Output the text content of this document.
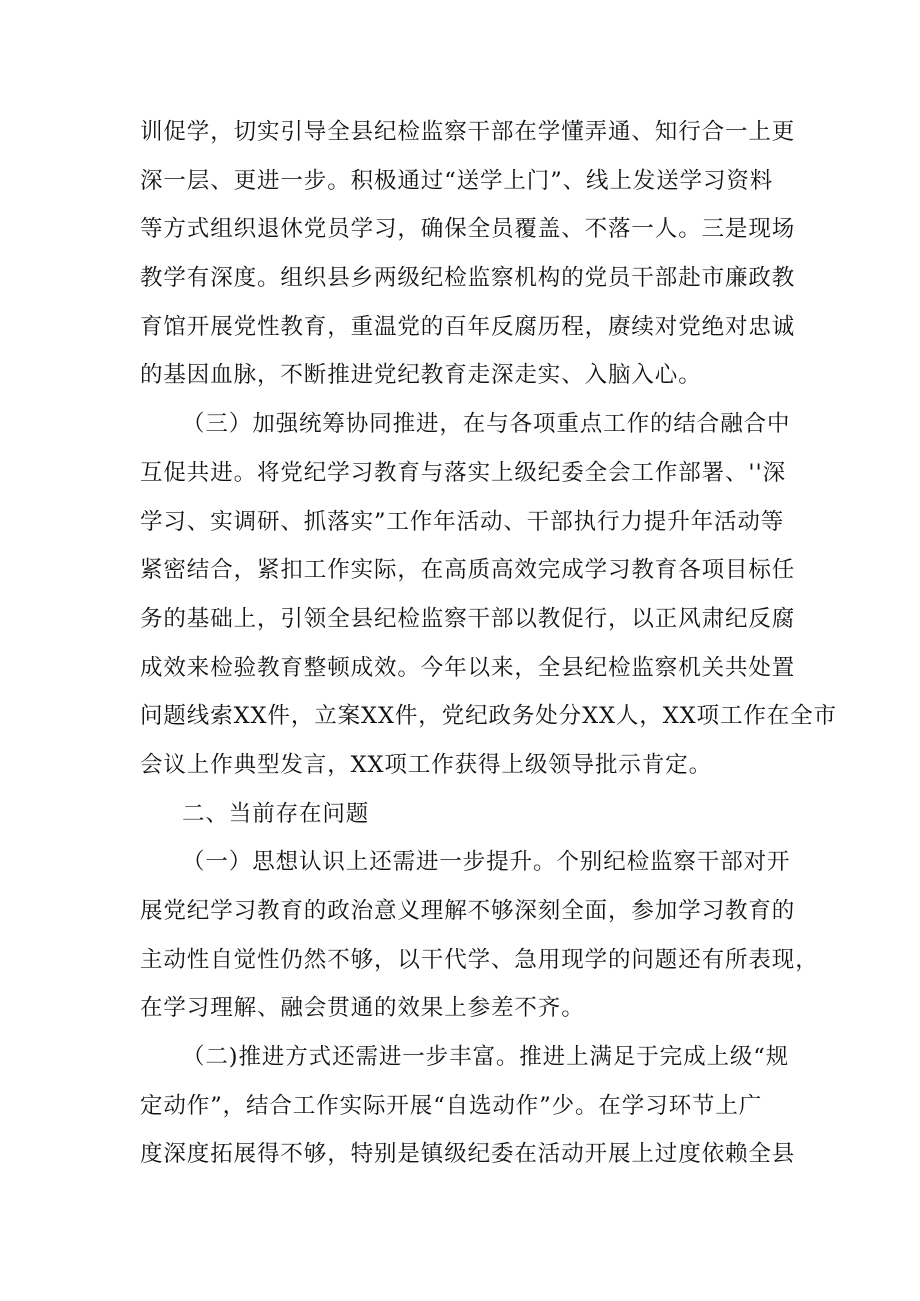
训促学，切实引导全县纪检监察干部在学懂弄通、知行合一上更
深一层、更进一步。积极通过“送学上门”、线上发送学习资料
等方式组织退休党员学习，确保全员覆盖、不落一人。三是现场
教学有深度。组织县乡两级纪检监察机构的党员干部赴市廉政教
育馆开展党性教育，重温党的百年反腐历程，赓续对党绝对忠诚
的基因血脉，不断推进党纪教育走深走实、入脑入心。
（三）加强统筹协同推进，在与各项重点工作的结合融合中
互促共进。将党纪学习教育与落实上级纪委全会工作部署、''深
学习、实调研、抓落实”工作年活动、干部执行力提升年活动等
紧密结合，紧扣工作实际，在高质高效完成学习教育各项目标任
务的基础上，引领全县纪检监察干部以教促行，以正风肃纪反腐
成效来检验教育整顿成效。今年以来，全县纪检监察机关共处置
问题线索XX件，立案XX件，党纪政务处分XX人，XX项工作在全市
会议上作典型发言，XX项工作获得上级领导批示肯定。
二、当前存在问题
（一）思想认识上还需进一步提升。个别纪检监察干部对开
展党纪学习教育的政治意义理解不够深刻全面，参加学习教育的
主动性自觉性仍然不够，以干代学、急用现学的问题还有所表现，
在学习理解、融会贯通的效果上参差不齐。
（二)推进方式还需进一步丰富。推进上满足于完成上级“规
定动作”，结合工作实际开展“自选动作”少。在学习环节上广
度深度拓展得不够，特别是镇级纪委在活动开展上过度依赖全县
